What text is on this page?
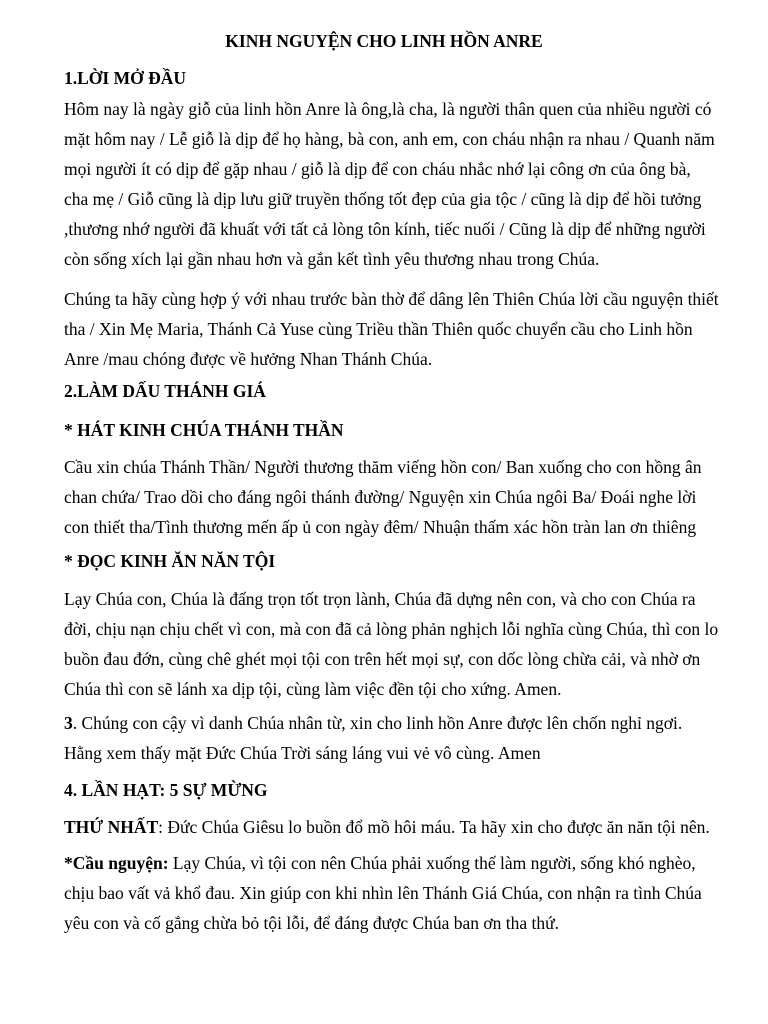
KINH NGUYỆN CHO LINH HỒN ANRE
1.LỜI MỞ ĐẦU
Hôm nay là ngày giỗ của linh hồn Anre là ông,là cha, là người thân quen của nhiều người có
mặt hôm nay / Lễ giỗ là dịp để họ hàng, bà con, anh em, con cháu nhận ra nhau / Quanh năm
mọi người ít có dịp để gặp nhau / giỗ là dịp để con cháu nhắc nhớ lại công ơn của ông bà,
cha mẹ / Giỗ cũng là dịp lưu giữ truyền thống tốt đẹp của gia tộc / cũng là dịp để hồi tưởng
,thương nhớ người đã khuất với tất cả lòng tôn kính, tiếc nuối / Cũng là dịp để những người
còn sống xích lại gần nhau hơn và gắn kết tình yêu thương nhau trong Chúa.
Chúng ta hãy cùng hợp ý với nhau trước bàn thờ để dâng lên Thiên Chúa lời cầu nguyện thiết
tha / Xin Mẹ Maria, Thánh Cả Yuse cùng Triều thần Thiên quốc chuyển cầu cho Linh hồn
Anre /mau chóng được về hưởng Nhan Thánh Chúa.
2.LÀM DẤU THÁNH GIÁ
* HÁT KINH CHÚA THÁNH THẦN
Cầu xin chúa Thánh Thần/ Người thương thăm viếng hồn con/ Ban xuống cho con hồng ân
chan chứa/ Trao dồi cho đáng ngôi thánh đường/ Nguyện xin Chúa ngôi Ba/ Đoái nghe lời
con thiết tha/Tình thương mến ấp ủ con ngày đêm/ Nhuận thấm xác hồn tràn lan ơn thiêng
* ĐỌC KINH ĂN NĂN TỘI
Lạy Chúa con, Chúa là đấng trọn tốt trọn lành, Chúa đã dựng nên con, và cho con Chúa ra
đời, chịu nạn chịu chết vì con, mà con đã cả lòng phản nghịch lỗi nghĩa cùng Chúa, thì con lo
buồn đau đớn, cùng chê ghét mọi tội con trên hết mọi sự, con dốc lòng chừa cải, và nhờ ơn
Chúa thì con sẽ lánh xa dịp tội, cùng làm việc đền tội cho xứng. Amen.
3. Chúng con cậy vì danh Chúa nhân từ, xin cho linh hồn Anre được lên chốn nghỉ ngơi.
Hằng xem thấy mặt Đức Chúa Trời sáng láng vui vẻ vô cùng. Amen
4. LẦN HẠT: 5 SỰ MỪNG
THỨ NHẤT: Đức Chúa Giêsu lo buồn đổ mồ hôi máu. Ta hãy xin cho được ăn năn tội nên.
*Cầu nguyện: Lạy Chúa, vì tội con nên Chúa phải xuống thế làm người, sống khó nghèo,
chịu bao vất vả khổ đau. Xin giúp con khi nhìn lên Thánh Giá Chúa, con nhận ra tình Chúa
yêu con và cố gắng chừa bỏ tội lỗi, để đáng được Chúa ban ơn tha thứ.
